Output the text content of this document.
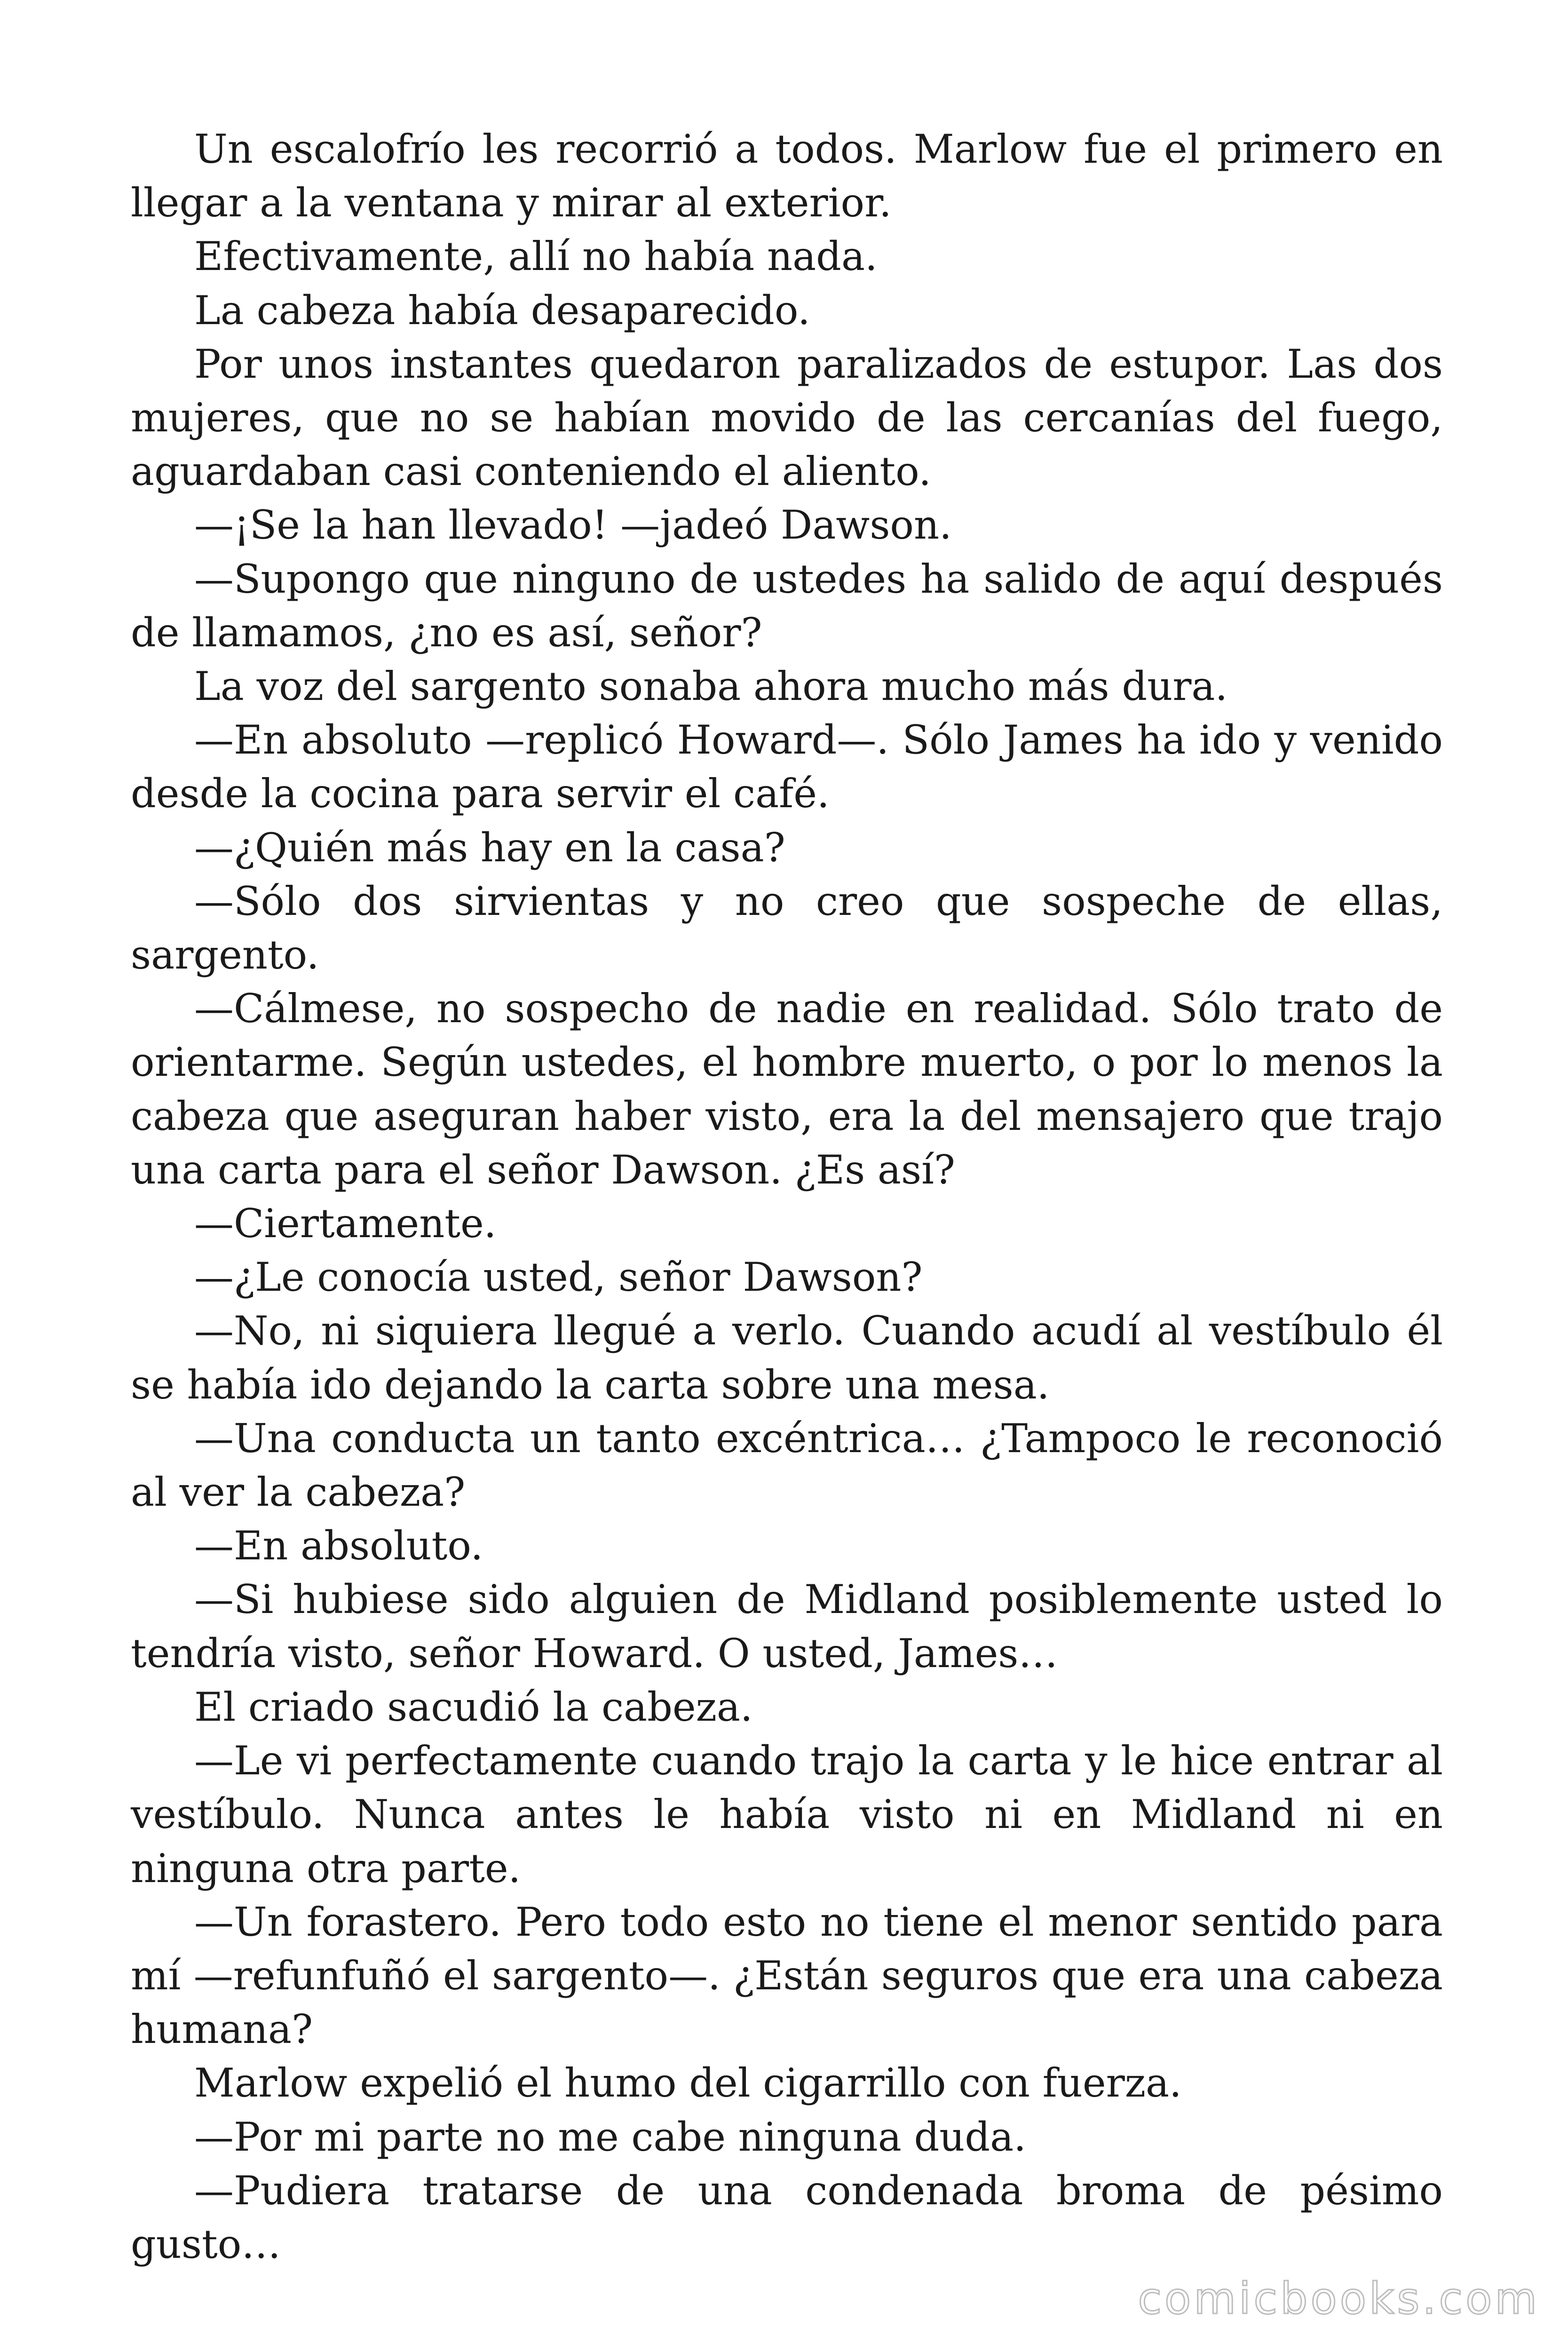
Un escalofrío les recorrió a todos. Marlow fue el primero en llegar a la ventana y mirar al exterior.

Efectivamente, allí no había nada.

La cabeza había desaparecido.

Por unos instantes quedaron paralizados de estupor. Las dos mujeres, que no se habían movido de las cercanías del fuego, aguardaban casi conteniendo el aliento.

—¡Se la han llevado! —jadeó Dawson.

—Supongo que ninguno de ustedes ha salido de aquí después de llamamos, ¿no es así, señor?

La voz del sargento sonaba ahora mucho más dura.

—En absoluto —replicó Howard—. Sólo James ha ido y venido desde la cocina para servir el café.

—¿Quién más hay en la casa?

—Sólo dos sirvientas y no creo que sospeche de ellas, sargento.

—Cálmese, no sospecho de nadie en realidad. Sólo trato de orientarme. Según ustedes, el hombre muerto, o por lo menos la cabeza que aseguran haber visto, era la del mensajero que trajo una carta para el señor Dawson. ¿Es así?

—Ciertamente.

—¿Le conocía usted, señor Dawson?

—No, ni siquiera llegué a verlo. Cuando acudí al vestíbulo él se había ido dejando la carta sobre una mesa.

—Una conducta un tanto excéntrica… ¿Tampoco le reconoció al ver la cabeza?

—En absoluto.

—Si hubiese sido alguien de Midland posiblemente usted lo tendría visto, señor Howard. O usted, James…

El criado sacudió la cabeza.

—Le vi perfectamente cuando trajo la carta y le hice entrar al vestíbulo. Nunca antes le había visto ni en Midland ni en ninguna otra parte.

—Un forastero. Pero todo esto no tiene el menor sentido para mí —refunfuñó el sargento—. ¿Están seguros que era una cabeza humana?

Marlow expelió el humo del cigarrillo con fuerza.

—Por mi parte no me cabe ninguna duda.

—Pudiera tratarse de una condenada broma de pésimo gusto…

comicbooks.com
